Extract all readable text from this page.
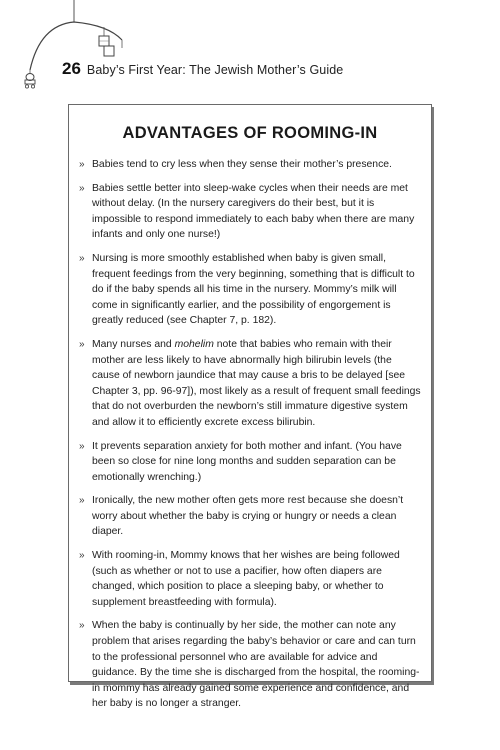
26 Baby’s First Year: The Jewish Mother’s Guide
ADVANTAGES OF ROOMING-IN
» Babies tend to cry less when they sense their mother’s presence.
» Babies settle better into sleep-wake cycles when their needs are met without delay. (In the nursery caregivers do their best, but it is impossible to respond immediately to each baby when there are many infants and only one nurse!)
» Nursing is more smoothly established when baby is given small, frequent feedings from the very beginning, something that is difficult to do if the baby spends all his time in the nursery. Mommy’s milk will come in significantly earlier, and the possibility of engorgement is greatly reduced (see Chapter 7, p. 182).
» Many nurses and mohelim note that babies who remain with their mother are less likely to have abnormally high bilirubin levels (the cause of newborn jaundice that may cause a bris to be delayed [see Chapter 3, pp. 96-97]), most likely as a result of frequent small feedings that do not overburden the newborn’s still immature digestive system and allow it to efficiently excrete excess bilirubin.
» It prevents separation anxiety for both mother and infant. (You have been so close for nine long months and sudden separation can be emotionally wrenching.)
» Ironically, the new mother often gets more rest because she doesn’t worry about whether the baby is crying or hungry or needs a clean diaper.
» With rooming-in, Mommy knows that her wishes are being followed (such as whether or not to use a pacifier, how often diapers are changed, which position to place a sleeping baby, or whether to supplement breastfeeding with formula).
» When the baby is continually by her side, the mother can note any problem that arises regarding the baby’s behavior or care and can turn to the professional personnel who are available for advice and guidance. By the time she is discharged from the hospital, the rooming-in mommy has already gained some experience and confidence, and her baby is no longer a stranger.
